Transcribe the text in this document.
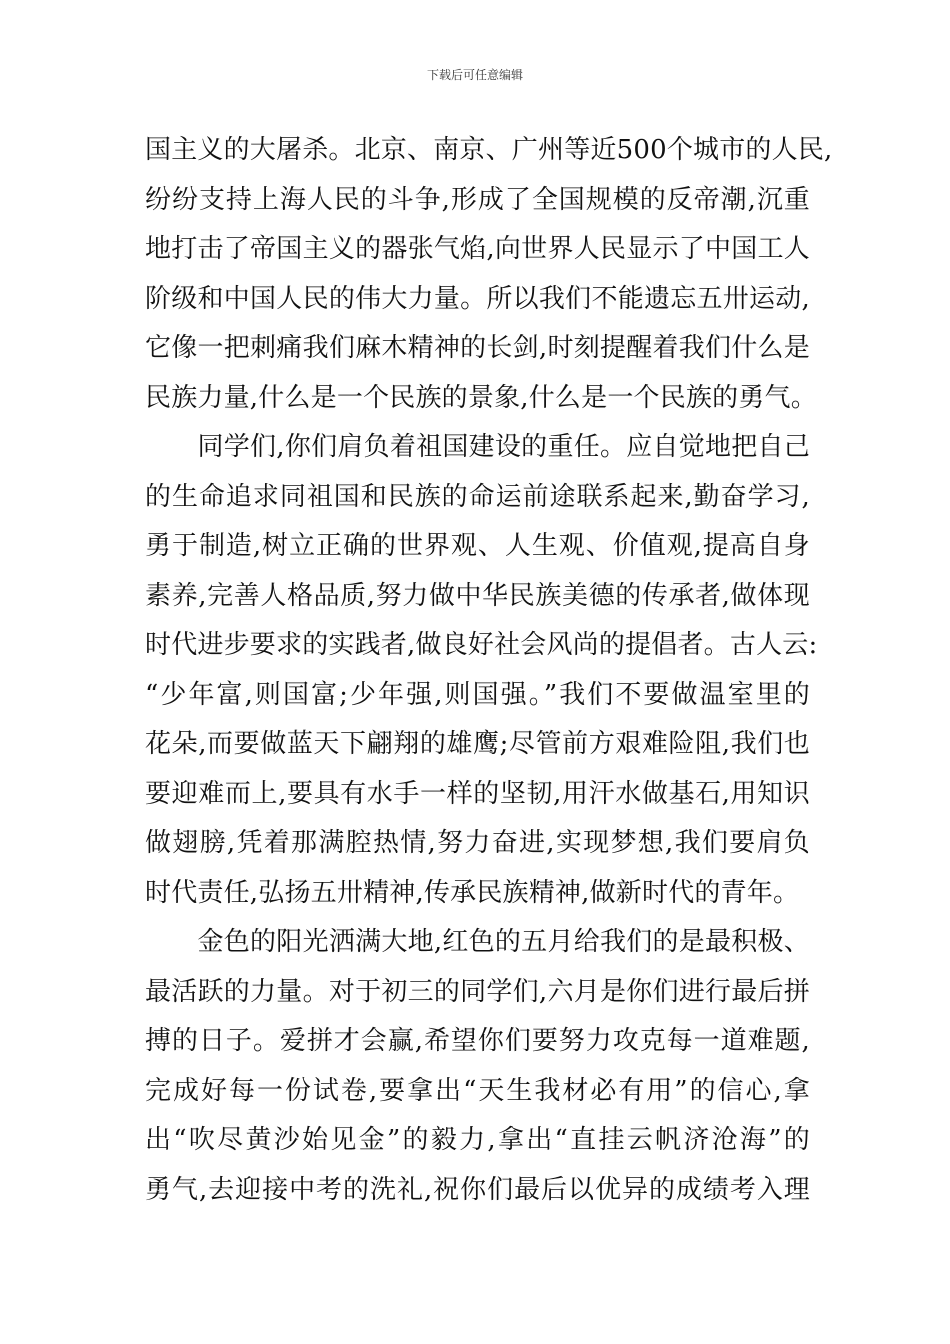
下载后可任意编辑

国主义的大屠杀。北京、南京、广州等近500个城市的人民,
纷纷支持上海人民的斗争,形成了全国规模的反帝潮,沉重
地打击了帝国主义的器张气焰,向世界人民显示了中国工人
阶级和中国人民的伟大力量。所以我们不能遗忘五卅运动,
它像一把刺痛我们麻木精神的长剑,时刻提醒着我们什么是
民族力量,什么是一个民族的景象,什么是一个民族的勇气。

　　同学们,你们肩负着祖国建设的重任。应自觉地把自己
的生命追求同祖国和民族的命运前途联系起来,勤奋学习,
勇于制造,树立正确的世界观、人生观、价值观,提高自身
素养,完善人格品质,努力做中华民族美德的传承者,做体现
时代进步要求的实践者,做良好社会风尚的提倡者。古人云:
“少年富,则国富;少年强,则国强。”我们不要做温室里的
花朵,而要做蓝天下翩翔的雄鹰;尽管前方艰难险阻,我们也
要迎难而上,要具有水手一样的坚韧,用汗水做基石,用知识
做翅膀,凭着那满腔热情,努力奋进,实现梦想,我们要肩负
时代责任,弘扬五卅精神,传承民族精神,做新时代的青年。

　　金色的阳光洒满大地,红色的五月给我们的是最积极、
最活跃的力量。对于初三的同学们,六月是你们进行最后拼
搏的日子。爱拼才会赢,希望你们要努力攻克每一道难题,
完成好每一份试卷,要拿出“天生我材必有用”的信心,拿
出“吹尽黄沙始见金”的毅力,拿出“直挂云帆济沧海”的
勇气,去迎接中考的洗礼,祝你们最后以优异的成绩考入理
